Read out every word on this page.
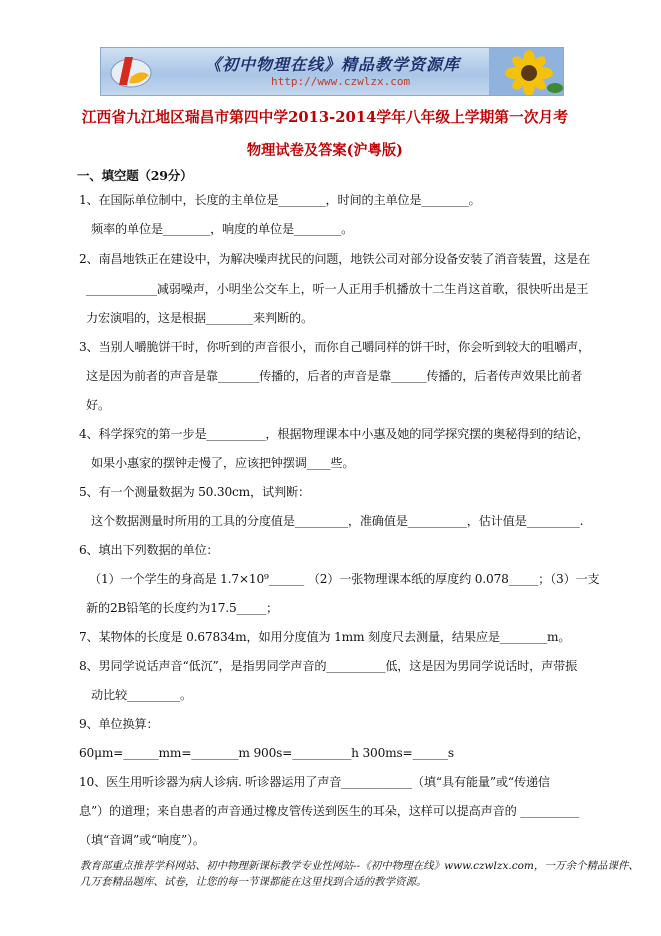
《初中物理在线》精品教学资源库
http://www.czwlzx.com
江西省九江地区瑞昌市第四中学2013-2014学年八年级上学期第一次月考
物理试卷及答案(沪粤版)
一、填空题（29分）
1、在国际单位制中，长度的主单位是________，时间的主单位是________。
频率的单位是________，响度的单位是________。
2、南昌地铁正在建设中，为解决噪声扰民的问题，地铁公司对部分设备安装了消音装置，这是在
____________减弱噪声，小明坐公交车上，听一人正用手机播放十二生肖这首歌，很快听出是王
力宏演唱的，这是根据________来判断的。
3、当别人嚼脆饼干时，你听到的声音很小，而你自己嚼同样的饼干时，你会听到较大的咀嚼声，
这是因为前者的声音是靠_______传播的，后者的声音是靠______传播的，后者传声效果比前者
好。
4、科学探究的第一步是__________，根据物理课本中小惠及她的同学探究摆的奥秘得到的结论，
如果小惠家的摆钟走慢了，应该把钟摆调____些。
5、有一个测量数据为 50.30cm，试判断：
这个数据测量时所用的工具的分度值是_________，准确值是__________，估计值是_________.
6、填出下列数据的单位：
（1）一个学生的身高是 1.7×10⁹______ （2）一张物理课本纸的厚度约 0.078_____；（3）一支
新的2B铅笔的长度约为17.5_____；
7、某物体的长度是 0.67834m，如用分度值为 1mm 刻度尺去测量，结果应是________m。
8、男同学说话声音“低沉”，是指男同学声音的__________低，这是因为男同学说话时，声带振
动比较_________。
9、单位换算：
60μm=______mm=________m 900s=__________h 300ms=______s
10、医生用听诊器为病人诊病. 听诊器运用了声音____________（填“具有能量”或“传递信
息”）的道理；来自患者的声音通过橡皮管传送到医生的耳朵，这样可以提高声音的 __________
（填“音调”或“响度”）。
教育部重点推荐学科网站、初中物理新课标教学专业性网站--《初中物理在线》www.czwlzx.com，一万余个精品课件、
几万套精品题库、试卷，让您的每一节课都能在这里找到合适的教学资源。
